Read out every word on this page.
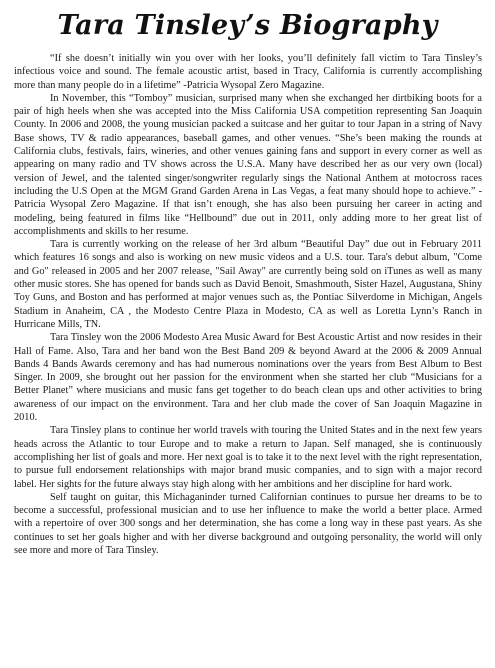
Tara Tinsley’s Biography

“If she doesn’t initially win you over with her looks, you’ll definitely fall victim to Tara Tinsley’s infectious voice and sound. The female acoustic artist, based in Tracy, California is currently accomplishing more than many people do in a lifetime” -Patricia Wysopal Zero Magazine.

In November, this “Tomboy” musician, surprised many when she exchanged her dirtbiking boots for a pair of high heels when she was accepted into the Miss California USA competition representing San Joaquin County. In 2006 and 2008, the young musician packed a suitcase and her guitar to tour Japan in a string of Navy Base shows, TV & radio appearances, baseball games, and other venues. “She’s been making the rounds at California clubs, festivals, fairs, wineries, and other venues gaining fans and support in every corner as well as appearing on many radio and TV shows across the U.S.A. Many have described her as our very own (local) version of Jewel, and the talented singer/songwriter regularly sings the National Anthem at motocross races including the U.S Open at the MGM Grand Garden Arena in Las Vegas, a feat many should hope to achieve.” -Patricia Wysopal Zero Magazine. If that isn’t enough, she has also been pursuing her career in acting and modeling, being featured in films like “Hellbound” due out in 2011, only adding more to her great list of accomplishments and skills to her resume.

Tara is currently working on the release of her 3rd album “Beautiful Day” due out in February 2011 which features 16 songs and also is working on new music videos and a U.S. tour. Tara's debut album, "Come and Go" released in 2005 and her 2007 release, "Sail Away" are currently being sold on iTunes as well as many other music stores. She has opened for bands such as David Benoit, Smashmouth, Sister Hazel, Augustana, Shiny Toy Guns, and Boston and has performed at major venues such as, the Pontiac Silverdome in Michigan, Angels Stadium in Anaheim, CA , the Modesto Centre Plaza in Modesto, CA as well as Loretta Lynn’s Ranch in Hurricane Mills, TN.

Tara Tinsley won the 2006 Modesto Area Music Award for Best Acoustic Artist and now resides in their Hall of Fame. Also, Tara and her band won the Best Band 209 & beyond Award at the 2006 & 2009 Annual Bands 4 Bands Awards ceremony and has had numerous nominations over the years from Best Album to Best Singer. In 2009, she brought out her passion for the environment when she started her club “Musicians for a Better Planet” where musicians and music fans get together to do beach clean ups and other activities to bring awareness of our impact on the environment. Tara and her club made the cover of San Joaquin Magazine in 2010.

Tara Tinsley plans to continue her world travels with touring the United States and in the next few years heads across the Atlantic to tour Europe and to make a return to Japan. Self managed, she is continuously accomplishing her list of goals and more. Her next goal is to take it to the next level with the right representation, to pursue full endorsement relationships with major brand music companies, and to sign with a major record label. Her sights for the future always stay high along with her ambitions and her discipline for hard work.

Self taught on guitar, this Michaganinder turned Californian continues to pursue her dreams to be to become a successful, professional musician and to use her influence to make the world a better place. Armed with a repertoire of over 300 songs and her determination, she has come a long way in these past years. As she continues to set her goals higher and with her diverse background and outgoing personality, the world will only see more and more of Tara Tinsley.
